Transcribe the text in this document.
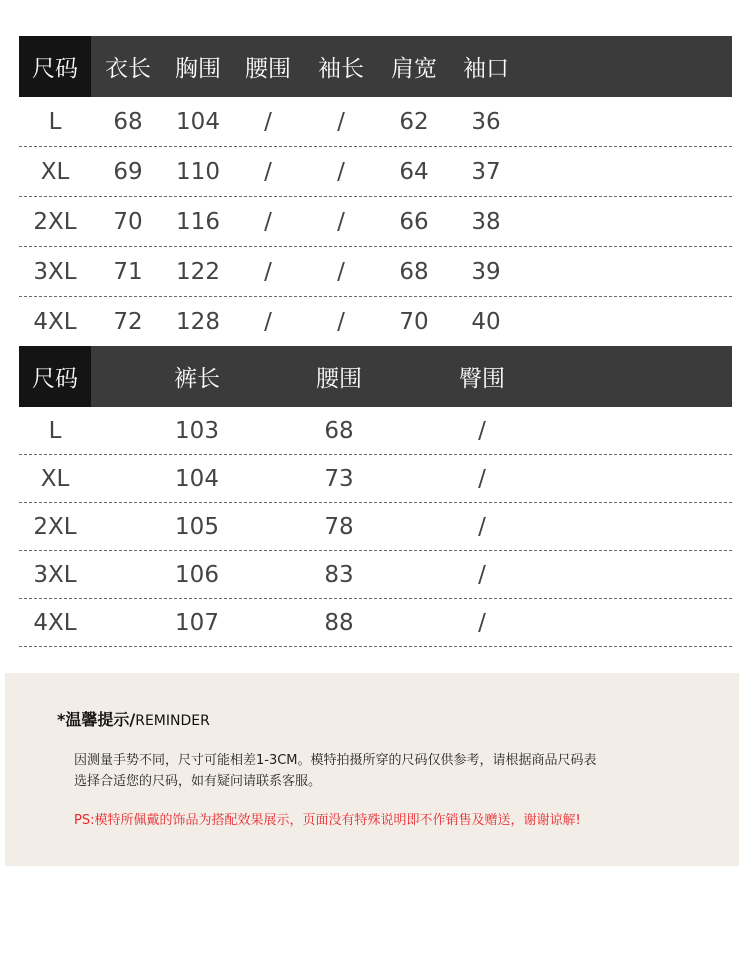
尺码	衣长	胸围	腰围	袖长	肩宽	袖口
L	68	104	/	/	62	36
XL	69	110	/	/	64	37
2XL	70	116	/	/	66	38
3XL	71	122	/	/	68	39
4XL	72	128	/	/	70	40
尺码	裤长	腰围	臀围
L	103	68	/
XL	104	73	/
2XL	105	78	/
3XL	106	83	/
4XL	107	88	/
*温馨提示/REMINDER
因测量手势不同，尺寸可能相差1-3CM。模特拍摄所穿的尺码仅供参考，请根据商品尺码表
选择合适您的尺码，如有疑问请联系客服。
PS:模特所佩戴的饰品为搭配效果展示，页面没有特殊说明即不作销售及赠送，谢谢谅解!
